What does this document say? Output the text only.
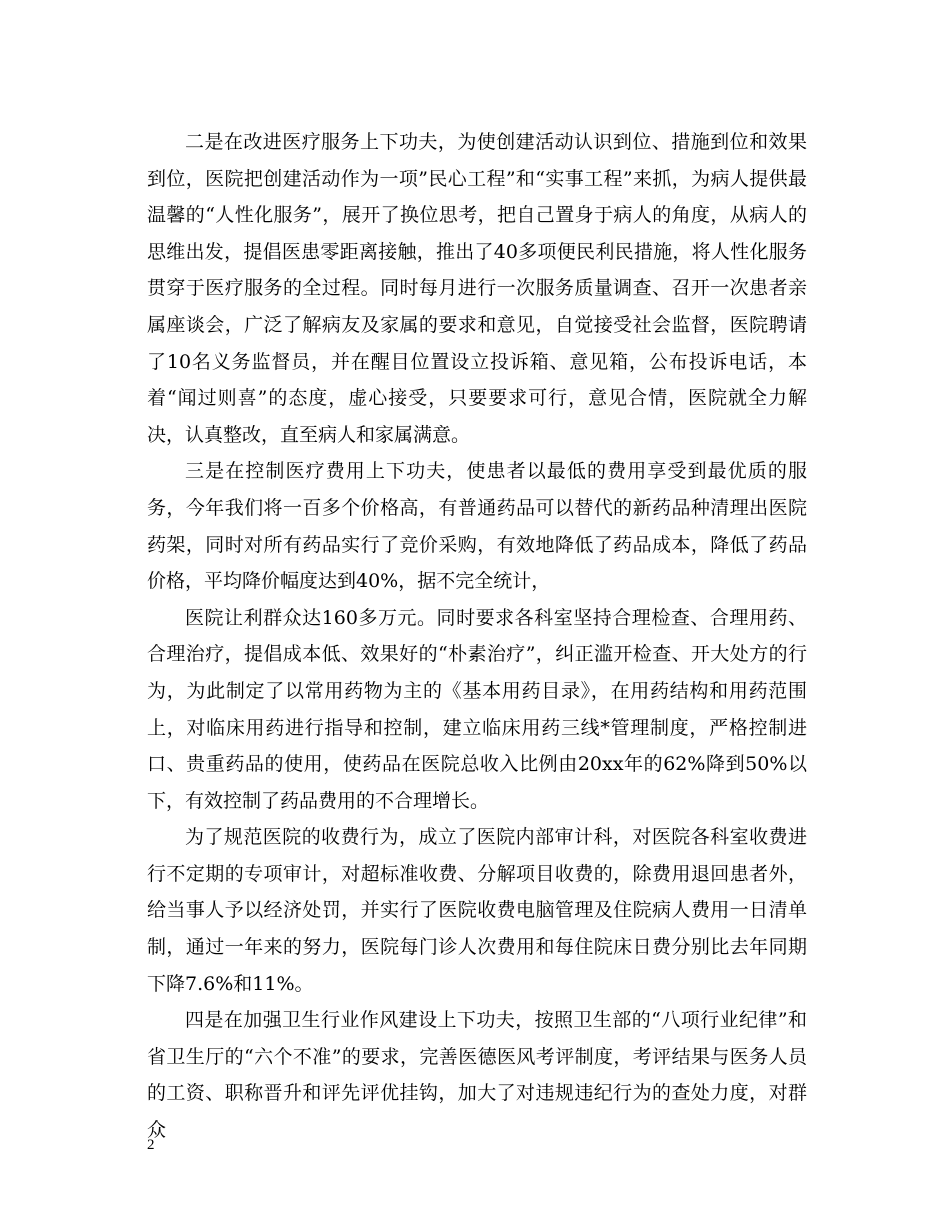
二是在改进医疗服务上下功夫，为使创建活动认识到位、措施到位和效果到位，医院把创建活动作为一项”民心工程”和“实事工程”来抓，为病人提供最温馨的“人性化服务”，展开了换位思考，把自己置身于病人的角度，从病人的思维出发，提倡医患零距离接触，推出了40多项便民利民措施，将人性化服务贯穿于医疗服务的全过程。同时每月进行一次服务质量调查、召开一次患者亲属座谈会，广泛了解病友及家属的要求和意见，自觉接受社会监督，医院聘请了10名义务监督员，并在醒目位置设立投诉箱、意见箱，公布投诉电话，本着“闻过则喜”的态度，虚心接受，只要要求可行，意见合情，医院就全力解决，认真整改，直至病人和家属满意。

三是在控制医疗费用上下功夫，使患者以最低的费用享受到最优质的服务，今年我们将一百多个价格高，有普通药品可以替代的新药品种清理出医院药架，同时对所有药品实行了竞价采购，有效地降低了药品成本，降低了药品价格，平均降价幅度达到40%，据不完全统计，

医院让利群众达160多万元。同时要求各科室坚持合理检查、合理用药、合理治疗，提倡成本低、效果好的“朴素治疗”，纠正滥开检查、开大处方的行为，为此制定了以常用药物为主的《基本用药目录》，在用药结构和用药范围上，对临床用药进行指导和控制，建立临床用药三线*管理制度，严格控制进口、贵重药品的使用，使药品在医院总收入比例由20xx年的62%降到50%以下，有效控制了药品费用的不合理增长。

为了规范医院的收费行为，成立了医院内部审计科，对医院各科室收费进行不定期的专项审计，对超标准收费、分解项目收费的，除费用退回患者外，给当事人予以经济处罚，并实行了医院收费电脑管理及住院病人费用一日清单制，通过一年来的努力，医院每门诊人次费用和每住院床日费分别比去年同期下降7.6%和11%。

四是在加强卫生行业作风建设上下功夫，按照卫生部的“八项行业纪律”和省卫生厅的“六个不准”的要求，完善医德医风考评制度，考评结果与医务人员的工资、职称晋升和评先评优挂钩，加大了对违规违纪行为的查处力度，对群众

2
